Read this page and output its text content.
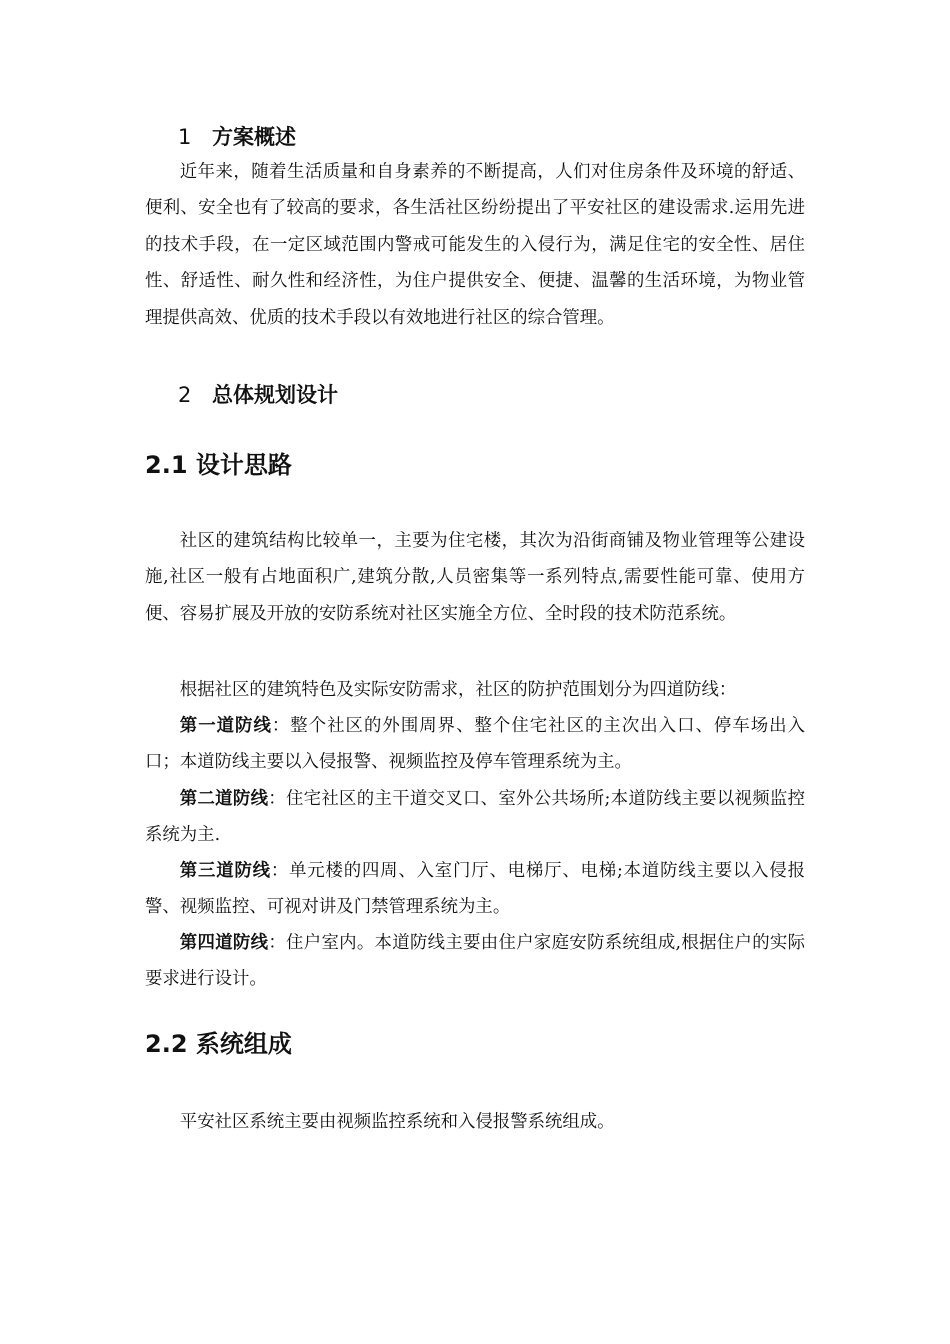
1 方案概述

近年来，随着生活质量和自身素养的不断提高，人们对住房条件及环境的舒适、便利、安全也有了较高的要求，各生活社区纷纷提出了平安社区的建设需求.运用先进的技术手段，在一定区域范围内警戒可能发生的入侵行为，满足住宅的安全性、居住性、舒适性、耐久性和经济性，为住户提供安全、便捷、温馨的生活环境，为物业管理提供高效、优质的技术手段以有效地进行社区的综合管理。

2 总体规划设计
2.1 设计思路

社区的建筑结构比较单一，主要为住宅楼，其次为沿街商铺及物业管理等公建设施,社区一般有占地面积广,建筑分散,人员密集等一系列特点,需要性能可靠、使用方便、容易扩展及开放的安防系统对社区实施全方位、全时段的技术防范系统。

根据社区的建筑特色及实际安防需求，社区的防护范围划分为四道防线：

第一道防线：整个社区的外围周界、整个住宅社区的主次出入口、停车场出入口；本道防线主要以入侵报警、视频监控及停车管理系统为主。

第二道防线：住宅社区的主干道交叉口、室外公共场所;本道防线主要以视频监控系统为主.

第三道防线：单元楼的四周、入室门厅、电梯厅、电梯;本道防线主要以入侵报警、视频监控、可视对讲及门禁管理系统为主。

第四道防线：住户室内。本道防线主要由住户家庭安防系统组成,根据住户的实际要求进行设计。

2.2 系统组成

平安社区系统主要由视频监控系统和入侵报警系统组成。
